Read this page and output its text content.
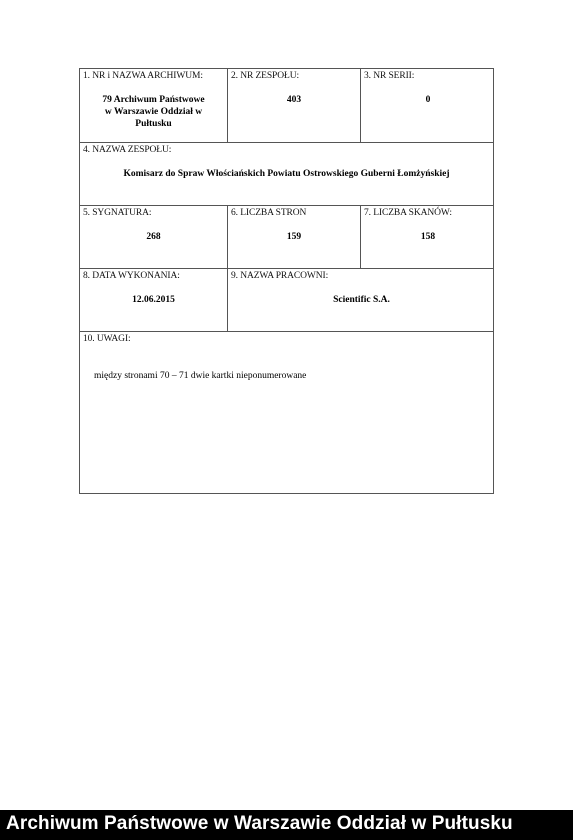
1. NR i NAZWA ARCHIWUM:
79 Archiwum Państwowe
w Warszawie Oddział w
Pułtusku
2. NR ZESPOŁU:
403
3. NR SERII:
0
4. NAZWA ZESPOŁU:
Komisarz do Spraw Włościańskich Powiatu Ostrowskiego Guberni Łomżyńskiej
5. SYGNATURA:
268
6. LICZBA STRON
159
7. LICZBA SKANÓW:
158
8. DATA WYKONANIA:
12.06.2015
9. NAZWA PRACOWNI:
Scientific S.A.
10. UWAGI:
między stronami 70 – 71 dwie kartki nieponumerowane
Archiwum Państwowe w Warszawie Oddział w Pułtusku
